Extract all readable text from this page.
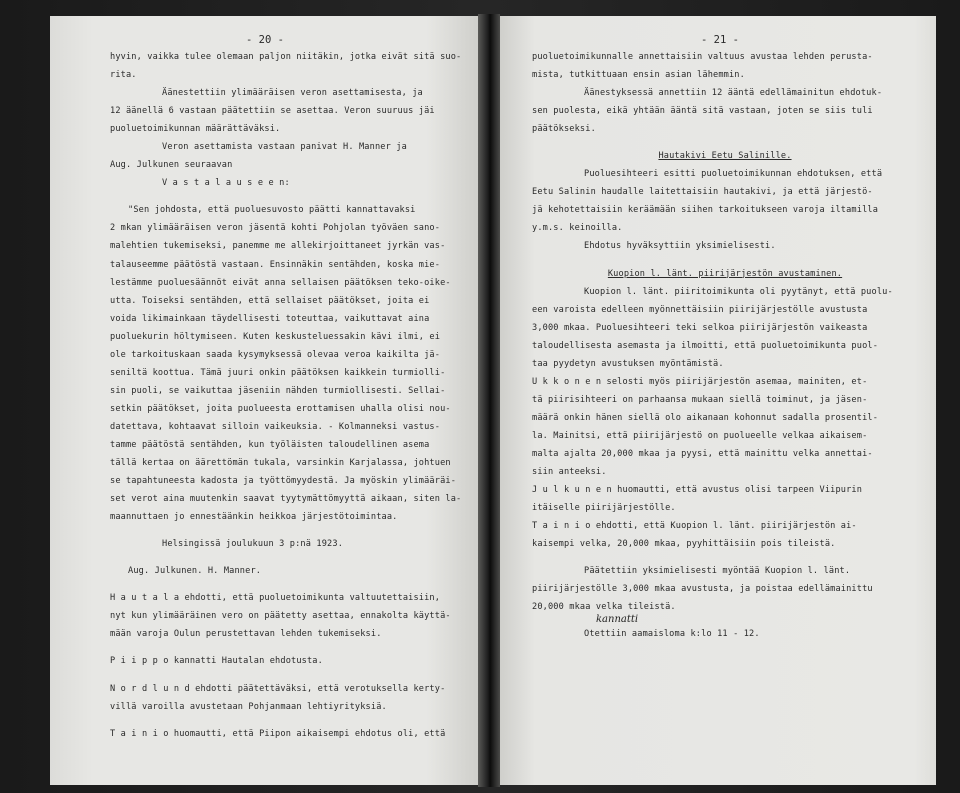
- 20 -
hyvin, vaikka tulee olemaan paljon niitäkin, jotka eivät sitä suo-
rita.
Äänestettiin ylimääräisen veron asettamisesta, ja
12 äänellä 6 vastaan päätettiin se asettaa. Veron suuruus jäi
puoluetoimikunnan määrättäväksi.
Veron asettamista vastaan panivat H. Manner ja
Aug. Julkunen seuraavan
V a s t a l a u s e e n:
"Sen johdosta, että puoluesuvosto päätti kannattavaksi
2 mkan ylimääräisen veron jäsentä kohti Pohjolan työväen sano-
malehtien tukemiseksi, panemme me allekirjoittaneet jyrkän vas-
talauseemme päätöstä vastaan. Ensinnäkin sentähden, koska mie-
lestämme puoluesäännöt eivät anna sellaisen päätöksen teko-oike-
utta. Toiseksi sentähden, että sellaiset päätökset, joita ei
voida likimainkaan täydellisesti toteuttaa, vaikuttavat aina
puoluekurin höltymiseen. Kuten keskusteluessakin kävi ilmi, ei
ole tarkoituskaan saada kysymyksessä olevaa veroa kaikilta jä-
seniltä koottua. Tämä juuri onkin päätöksen kaikkein turmiolli-
sin puoli, se vaikuttaa jäseniin nähden turmiollisesti. Sellai-
setkin päätökset, joita puolueesta erottamisen uhalla olisi nou-
datettava, kohtaavat silloin vaikeuksia. - Kolmanneksi vastus-
tamme päätöstä sentähden, kun työläisten taloudellinen asema
tällä kertaa on äärettömän tukala, varsinkin Karjalassa, johtuen
se tapahtuneesta kadosta ja työttömyydestä. Ja myöskin ylimääräi-
set verot aina muutenkin saavat tyytymättömyyttä aikaan, siten la-
maannuttaen jo ennestäänkin heikkoa järjestötoimintaa.
Helsingissä joulukuun 3 p:nä 1923.
Aug. Julkunen. H. Manner.
H a u t a l a ehdotti, että puoluetoimikunta valtuutettaisiin,
nyt kun ylimääräinen vero on päätetty asettaa, ennakolta käyttä-
mään varoja Oulun perustettavan lehden tukemiseksi.
P i i p p o kannatti Hautalan ehdotusta.
N o r d l u n d ehdotti päätettäväksi, että verotuksella kerty-
villä varoilla avustetaan Pohjanmaan lehtiyrityksiä.
T a i n i o huomautti, että Piipon aikaisempi ehdotus oli, että
- 21 -
puoluetoimikunnalle annettaisiin valtuus avustaa lehden perusta-
mista, tutkittuaan ensin asian lähemmin.
Äänestyksessä annettiin 12 ääntä edellämainitun ehdotuk-
sen puolesta, eikä yhtään ääntä sitä vastaan, joten se siis tuli
päätökseksi.
Hautakivi Eetu Salinille.
Puoluesihteeri esitti puoluetoimikunnan ehdotuksen, että
Eetu Salinin haudalle laitettaisiin hautakivi, ja että järjestö-
jä kehotettaisiin keräämään siihen tarkoitukseen varoja iltamilla
y.m.s. keinoilla.
Ehdotus hyväksyttiin yksimielisesti.
Kuopion l. länt. piirijärjestön avustaminen.
Kuopion l. länt. piiritoimikunta oli pyytänyt, että puolu-
een varoista edelleen myönnettäisiin piirijärjestölle avustusta
3,000 mkaa. Puoluesihteeri teki selkoa piirijärjestön vaikeasta
taloudellisesta asemasta ja ilmoitti, että puoluetoimikunta puol-
taa pyydetyn avustuksen myöntämistä.
U k k o n e n selosti myös piirijärjestön asemaa, mainiten, et-
tä piirisihteeri on parhaansa mukaan siellä toiminut, ja jäsen-
määrä onkin hänen siellä olo aikanaan kohonnut sadalla prosentil-
la. Mainitsi, että piirijärjestö on puolueelle velkaa aikaisem-
malta ajalta 20,000 mkaa ja pyysi, että mainittu velka annettai-
siin anteeksi.
J u l k u n e n huomautti, että avustus olisi tarpeen Viipurin
itäiselle piirijärjestölle.
T a i n i o ehdotti, että Kuopion l. länt. piirijärjestön ai-
kaisempi velka, 20,000 mkaa, pyyhittäisiin pois tileistä.
Päätettiin yksimielisesti myöntää Kuopion l. länt.
piirijärjestölle 3,000 mkaa avustusta, ja poistaa edellämainittu
20,000 mkaa velka tileistä.
Otettiin aamaisloma k:lo 11 - 12.
kannatti
